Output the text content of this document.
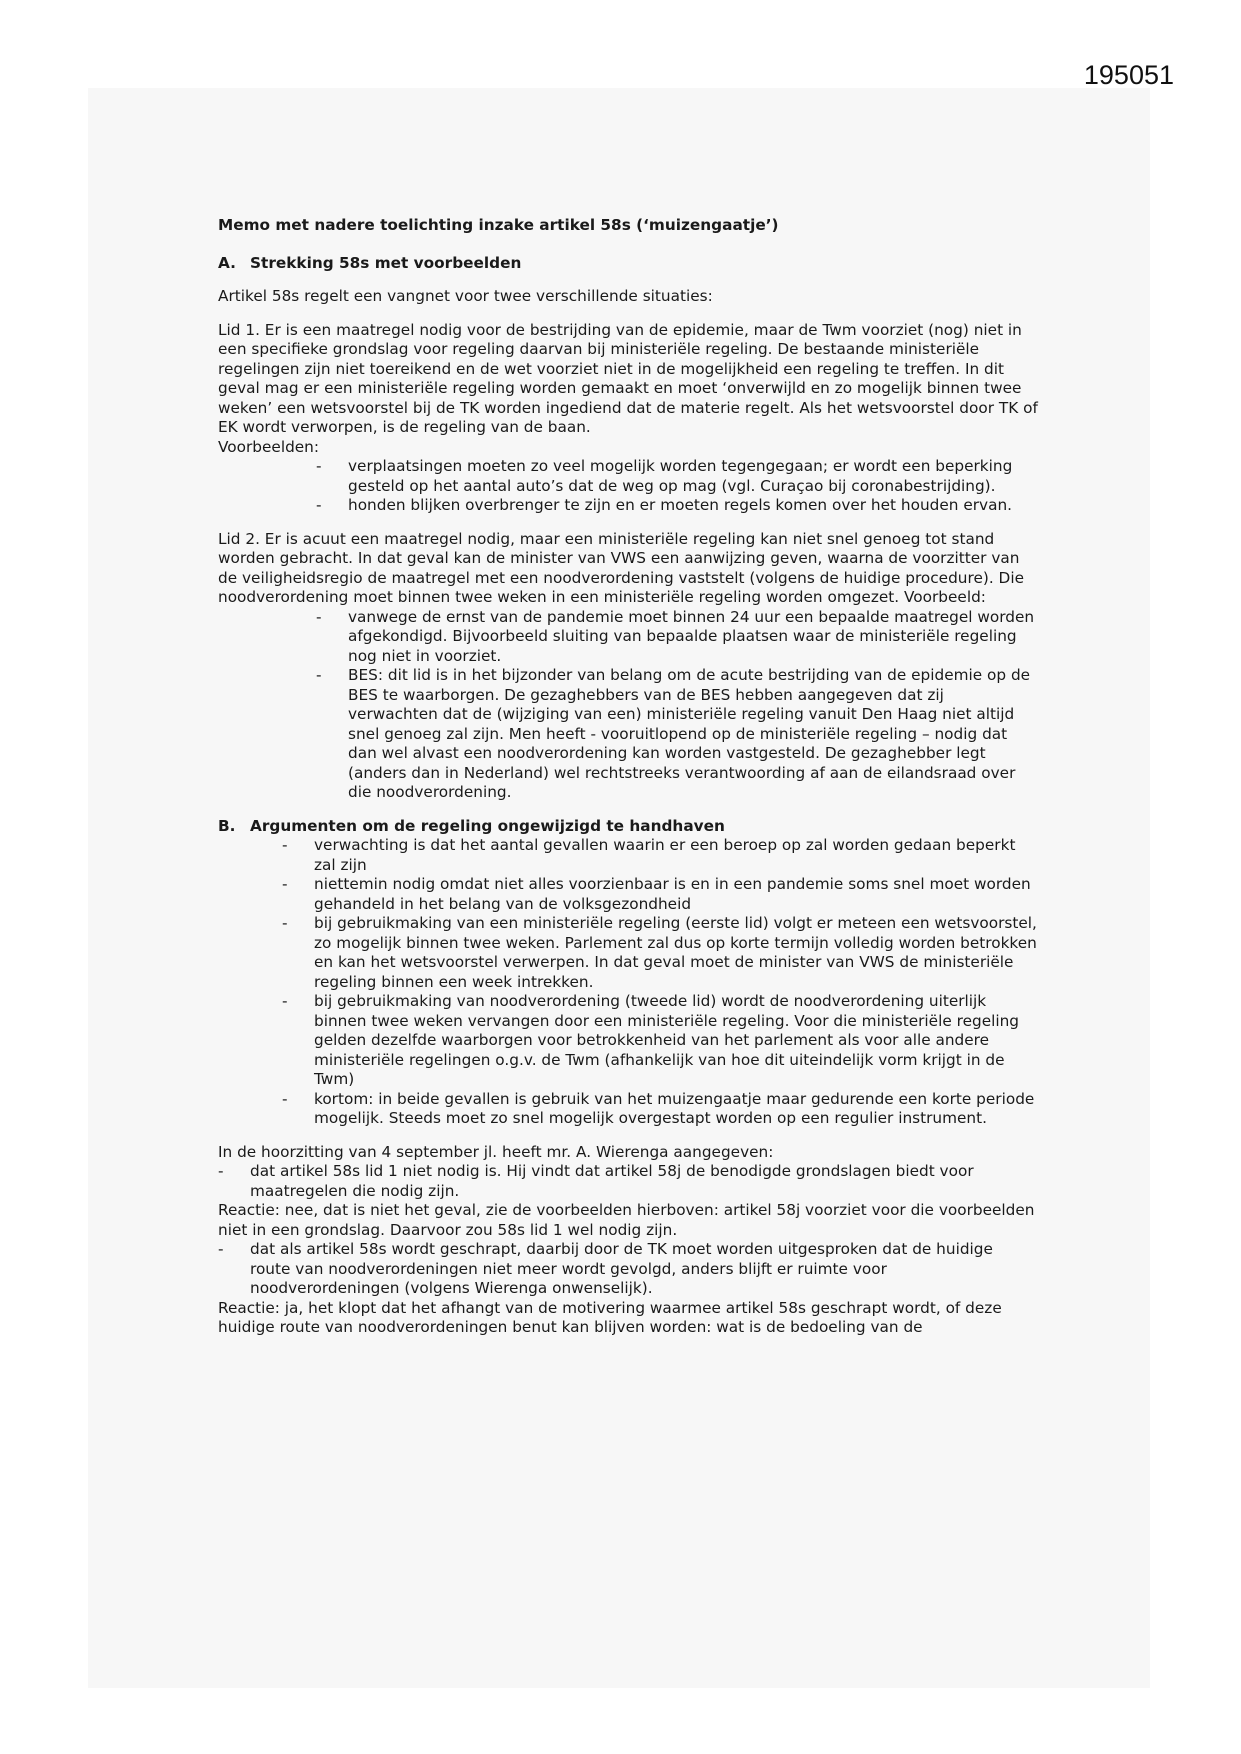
195051

Memo met nadere toelichting inzake artikel 58s (‘muizengaatje’)

A. Strekking 58s met voorbeelden

Artikel 58s regelt een vangnet voor twee verschillende situaties:

Lid 1. Er is een maatregel nodig voor de bestrijding van de epidemie, maar de Twm voorziet (nog) niet in een specifieke grondslag voor regeling daarvan bij ministeriële regeling. De bestaande ministeriële regelingen zijn niet toereikend en de wet voorziet niet in de mogelijkheid een regeling te treffen. In dit geval mag er een ministeriële regeling worden gemaakt en moet ‘onverwijld en zo mogelijk binnen twee weken’ een wetsvoorstel bij de TK worden ingediend dat de materie regelt. Als het wetsvoorstel door TK of EK wordt verworpen, is de regeling van de baan.

Voorbeelden:

-	verplaatsingen moeten zo veel mogelijk worden tegengegaan; er wordt een beperking gesteld op het aantal auto’s dat de weg op mag (vgl. Curaçao bij coronabestrijding).
-	honden blijken overbrenger te zijn en er moeten regels komen over het houden ervan.

Lid 2. Er is acuut een maatregel nodig, maar een ministeriële regeling kan niet snel genoeg tot stand worden gebracht. In dat geval kan de minister van VWS een aanwijzing geven, waarna de voorzitter van de veiligheidsregio de maatregel met een noodverordening vaststelt (volgens de huidige procedure). Die noodverordening moet binnen twee weken in een ministeriële regeling worden omgezet. Voorbeeld:

-	vanwege de ernst van de pandemie moet binnen 24 uur een bepaalde maatregel worden afgekondigd. Bijvoorbeeld sluiting van bepaalde plaatsen waar de ministeriële regeling nog niet in voorziet.
-	BES: dit lid is in het bijzonder van belang om de acute bestrijding van de epidemie op de BES te waarborgen. De gezaghebbers van de BES hebben aangegeven dat zij verwachten dat de (wijziging van een) ministeriële regeling vanuit Den Haag niet altijd snel genoeg zal zijn. Men heeft - vooruitlopend op de ministeriële regeling – nodig dat dan wel alvast een noodverordening kan worden vastgesteld. De gezaghebber legt (anders dan in Nederland) wel rechtstreeks verantwoording af aan de eilandsraad over die noodverordening.
B. Argumenten om de regeling ongewijzigd te handhaven
-	verwachting is dat het aantal gevallen waarin er een beroep op zal worden gedaan beperkt zal zijn
-	niettemin nodig omdat niet alles voorzienbaar is en in een pandemie soms snel moet worden gehandeld in het belang van de volksgezondheid
-	bij gebruikmaking van een ministeriële regeling (eerste lid) volgt er meteen een wetsvoorstel, zo mogelijk binnen twee weken. Parlement zal dus op korte termijn volledig worden betrokken en kan het wetsvoorstel verwerpen. In dat geval moet de minister van VWS de ministeriële regeling binnen een week intrekken.
-	bij gebruikmaking van noodverordening (tweede lid) wordt de noodverordening uiterlijk binnen twee weken vervangen door een ministeriële regeling. Voor die ministeriële regeling gelden dezelfde waarborgen voor betrokkenheid van het parlement als voor alle andere ministeriële regelingen o.g.v. de Twm (afhankelijk van hoe dit uiteindelijk vorm krijgt in de Twm)
-	kortom: in beide gevallen is gebruik van het muizengaatje maar gedurende een korte periode mogelijk. Steeds moet zo snel mogelijk overgestapt worden op een regulier instrument.

In de hoorzitting van 4 september jl. heeft mr. A. Wierenga aangegeven:

-	dat artikel 58s lid 1 niet nodig is. Hij vindt dat artikel 58j de benodigde grondslagen biedt voor maatregelen die nodig zijn.

Reactie: nee, dat is niet het geval, zie de voorbeelden hierboven: artikel 58j voorziet voor die voorbeelden niet in een grondslag. Daarvoor zou 58s lid 1 wel nodig zijn.

-	dat als artikel 58s wordt geschrapt, daarbij door de TK moet worden uitgesproken dat de huidige route van noodverordeningen niet meer wordt gevolgd, anders blijft er ruimte voor noodverordeningen (volgens Wierenga onwenselijk).

Reactie: ja, het klopt dat het afhangt van de motivering waarmee artikel 58s geschrapt wordt, of deze huidige route van noodverordeningen benut kan blijven worden: wat is de bedoeling van de
